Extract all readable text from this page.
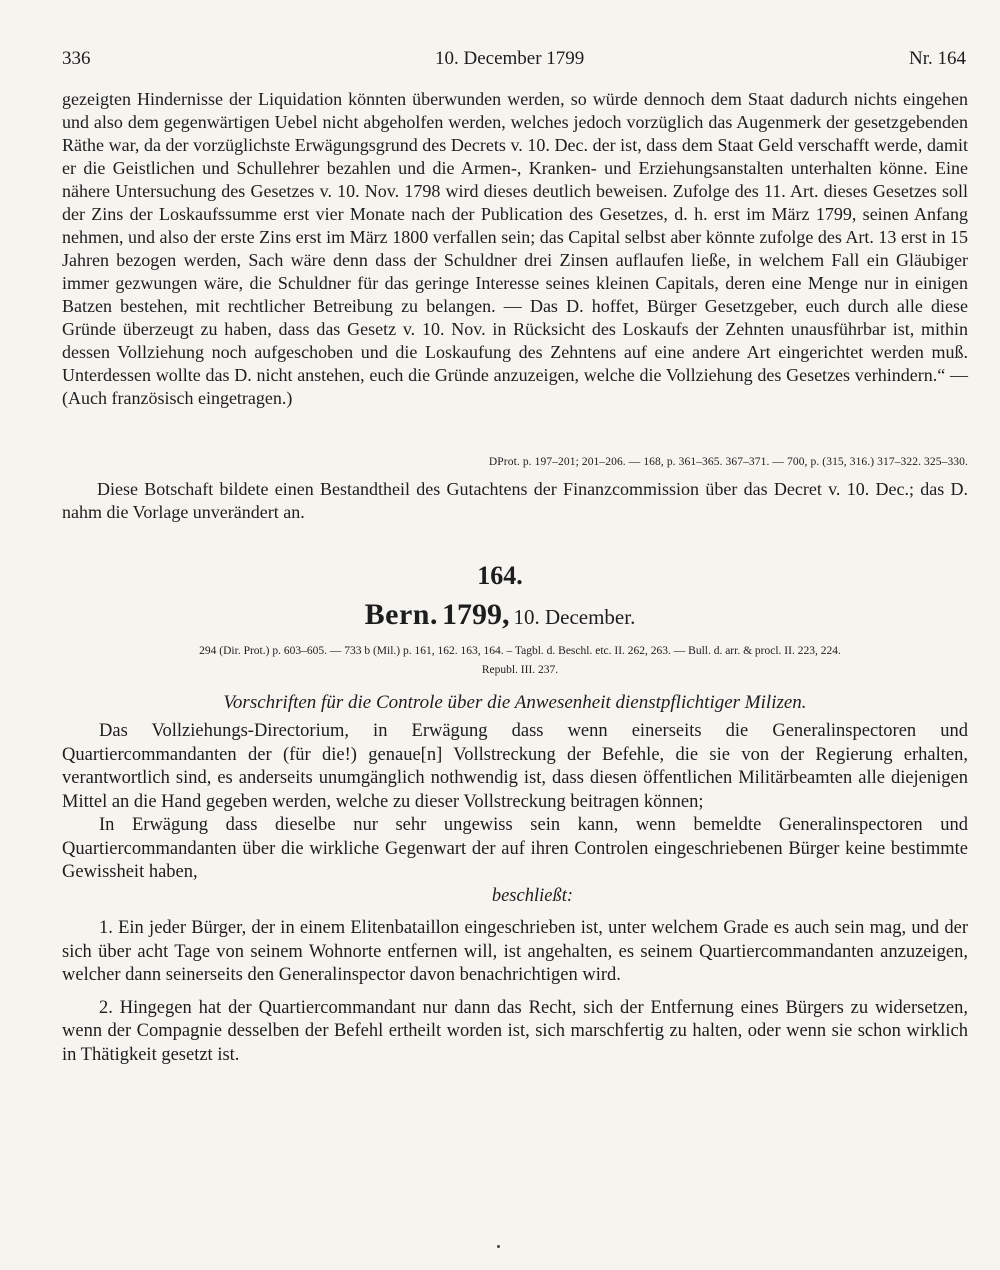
336	10. December 1799	Nr. 164

gezeigten Hindernisse der Liquidation könnten überwunden werden, so würde dennoch dem Staat dadurch nichts eingehen und also dem gegenwärtigen Uebel nicht abgeholfen werden, welches jedoch vorzüglich das Augenmerk der gesetzgebenden Räthe war, da der vorzüglichste Erwägungsgrund des Decrets v. 10. Dec. der ist, dass dem Staat Geld verschafft werde, damit er die Geistlichen und Schullehrer bezahlen und die Armen-, Kranken- und Erziehungsanstalten unterhalten könne. Eine nähere Untersuchung des Gesetzes v. 10. Nov. 1798 wird dieses deutlich beweisen. Zufolge des 11. Art. dieses Gesetzes soll der Zins der Loskaufssumme erst vier Monate nach der Publication des Gesetzes, d. h. erst im März 1799, seinen Anfang nehmen, und also der erste Zins erst im März 1800 verfallen sein; das Capital selbst aber könnte zufolge des Art. 13 erst in 15 Jahren bezogen werden, Sach wäre denn dass der Schuldner drei Zinsen auflaufen ließe, in welchem Fall ein Gläubiger immer gezwungen wäre, die Schuldner für das geringe Interesse seines kleinen Capitals, deren eine Menge nur in einigen Batzen bestehen, mit rechtlicher Betreibung zu belangen. — Das D. hoffet, Bürger Gesetzgeber, euch durch alle diese Gründe überzeugt zu haben, dass das Gesetz v. 10. Nov. in Rücksicht des Loskaufs der Zehnten unausführbar ist, mithin dessen Vollziehung noch aufgeschoben und die Loskaufung des Zehntens auf eine andere Art eingerichtet werden muß. Unterdessen wollte das D. nicht anstehen, euch die Gründe anzuzeigen, welche die Vollziehung des Gesetzes verhindern.“ — (Auch französisch eingetragen.)

DProt. p. 197–201; 201–206. — 168, p. 361–365. 367–371. — 700, p. (315, 316.) 317–322. 325–330.
Diese Botschaft bildete einen Bestandtheil des Gutachtens der Finanzcommission über das Decret v. 10. Dec.; das D. nahm die Vorlage unverändert an.
164.
Bern. 1799, 10. December.
294 (Dir. Prot.) p. 603–605. — 733 b (Mil.) p. 161, 162. 163, 164. – Tagbl. d. Beschl. etc. II. 262, 263. — Bull. d. arr. & procl. II. 223, 224.
Republ. III. 237.
Vorschriften für die Controle über die Anwesenheit dienstpflichtiger Milizen.

Das Vollziehungs-Directorium, in Erwägung dass wenn einerseits die Generalinspectoren und Quartiercommandanten der (für die!) genaue[n] Vollstreckung der Befehle, die sie von der Regierung erhalten, verantwortlich sind, es anderseits unumgänglich nothwendig ist, dass diesen öffentlichen Militärbeamten alle diejenigen Mittel an die Hand gegeben werden, welche zu dieser Vollstreckung beitragen können;

In Erwägung dass dieselbe nur sehr ungewiss sein kann, wenn bemeldte Generalinspectoren und Quartiercommandanten über die wirkliche Gegenwart der auf ihren Controlen eingeschriebenen Bürger keine bestimmte Gewissheit haben,

beschließt:

1. Ein jeder Bürger, der in einem Elitenbataillon eingeschrieben ist, unter welchem Grade es auch sein mag, und der sich über acht Tage von seinem Wohnorte entfernen will, ist angehalten, es seinem Quartiercommandanten anzuzeigen, welcher dann seinerseits den Generalinspector davon benachrichtigen wird.

2. Hingegen hat der Quartiercommandant nur dann das Recht, sich der Entfernung eines Bürgers zu widersetzen, wenn der Compagnie desselben der Befehl ertheilt worden ist, sich marschfertig zu halten, oder wenn sie schon wirklich in Thätigkeit gesetzt ist.
